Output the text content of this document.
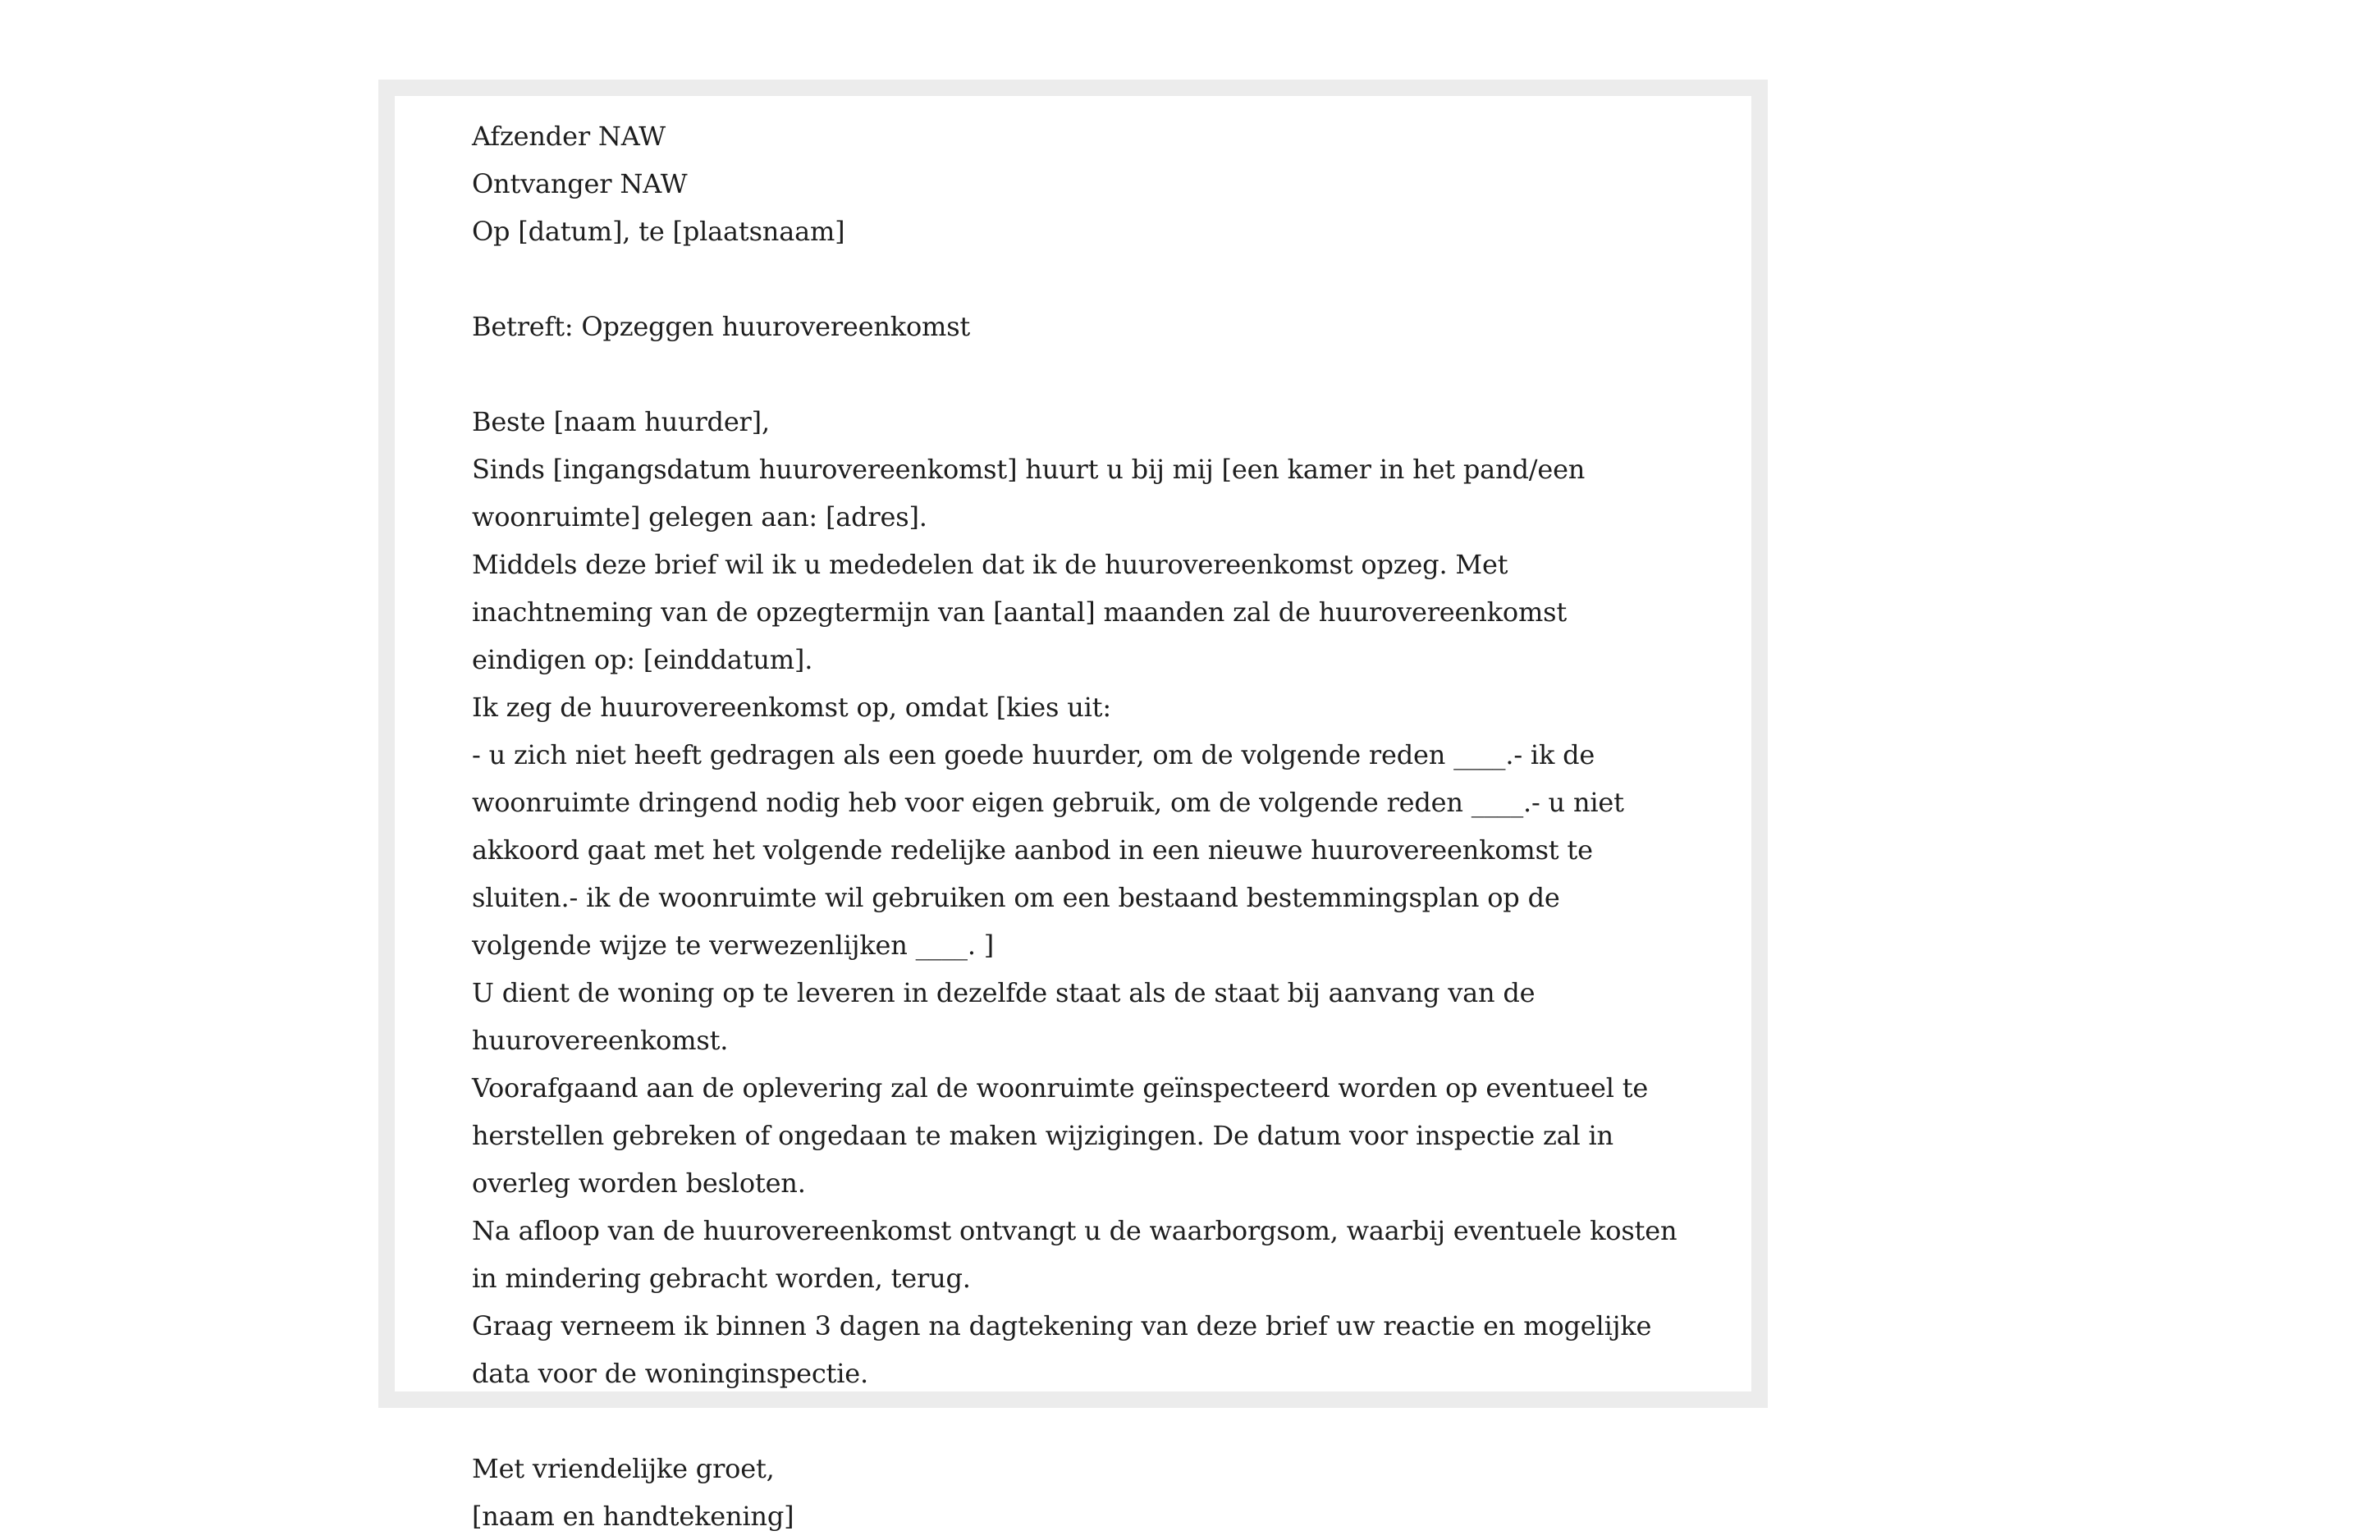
Afzender NAW

Ontvanger NAW

Op [datum], te [plaatsnaam]

Betreft: Opzeggen huurovereenkomst

Beste [naam huurder],

Sinds [ingangsdatum huurovereenkomst] huurt u bij mij [een kamer in het pand/een woonruimte] gelegen aan: [adres].

Middels deze brief wil ik u mededelen dat ik de huurovereenkomst opzeg. Met inachtneming van de opzegtermijn van [aantal] maanden zal de huurovereenkomst eindigen op: [einddatum].

Ik zeg de huurovereenkomst op, omdat [kies uit:

- u zich niet heeft gedragen als een goede huurder, om de volgende reden ____.- ik de woonruimte dringend nodig heb voor eigen gebruik, om de volgende reden ____.- u niet akkoord gaat met het volgende redelijke aanbod in een nieuwe huurovereenkomst te sluiten.- ik de woonruimte wil gebruiken om een bestaand bestemmingsplan op de volgende wijze te verwezenlijken ____. ]

U dient de woning op te leveren in dezelfde staat als de staat bij aanvang van de huurovereenkomst.

Voorafgaand aan de oplevering zal de woonruimte geïnspecteerd worden op eventueel te herstellen gebreken of ongedaan te maken wijzigingen. De datum voor inspectie zal in overleg worden besloten.

Na afloop van de huurovereenkomst ontvangt u de waarborgsom, waarbij eventuele kosten in mindering gebracht worden, terug.

Graag verneem ik binnen 3 dagen na dagtekening van deze brief uw reactie en mogelijke data voor de woninginspectie.

Met vriendelijke groet,

[naam en handtekening]
